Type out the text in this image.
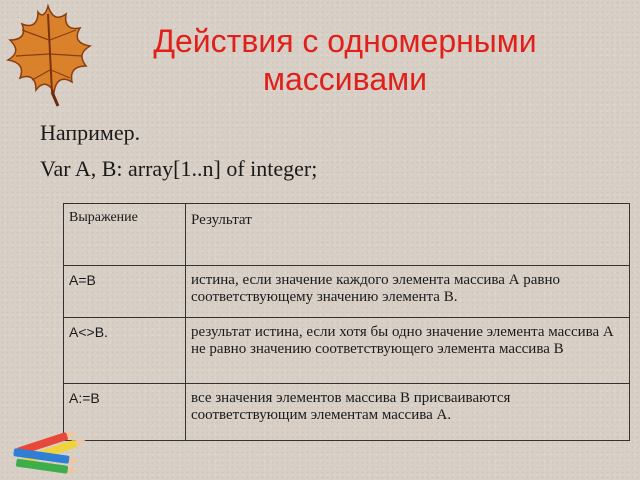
Действия с одномерными массивами
Например.
Var A, B: array[1..n] of integer;
Выражение	Результат
A=B	истина, если значение каждого элемента массива А равно соответствующему значению элемента В.
A<>B.	результат истина, если хотя бы одно значение элемента массива А не равно значению соответствующего элемента массива В
A:=B	все значения элементов массива В присваиваются соответствующим элементам массива А.
